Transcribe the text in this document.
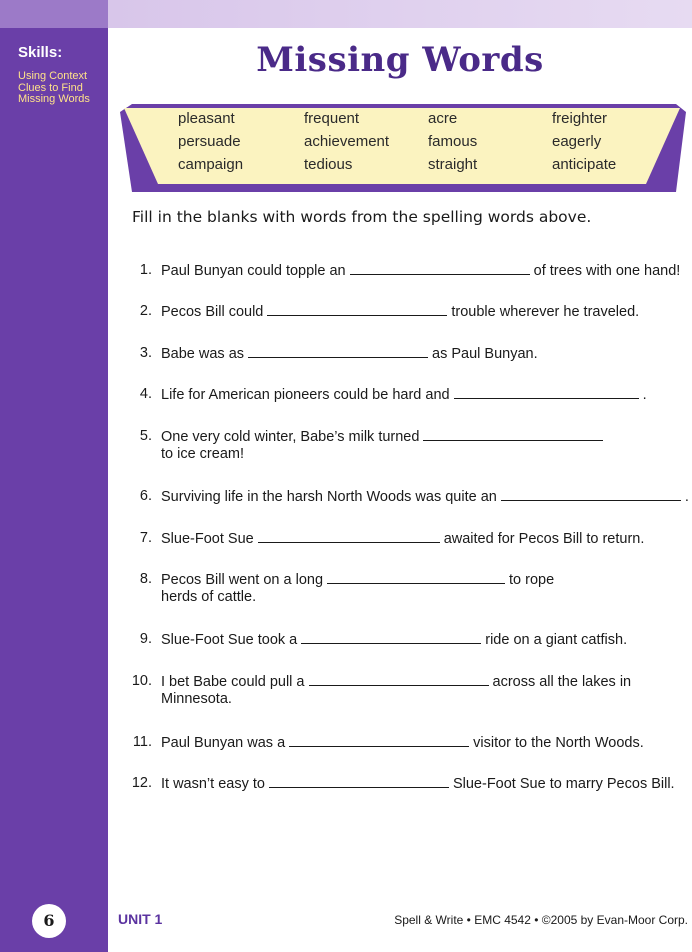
Skills:
Using Context Clues to Find Missing Words
Missing Words
pleasant	frequent	acre	freighter
persuade	achievement	famous	eagerly
campaign	tedious	straight	anticipate
Fill in the blanks with words from the spelling words above.
1. Paul Bunyan could topple an	of trees with one hand!
2. Pecos Bill could	trouble wherever he traveled.
3. Babe was as	as Paul Bunyan.
4. Life for American pioneers could be hard and	.
5. One very cold winter, Babe’s milk turned
to ice cream!
6. Surviving life in the harsh North Woods was quite an	.
7. Slue-Foot Sue	awaited for Pecos Bill to return.
8. Pecos Bill went on a long	to rope
herds of cattle.
9. Slue-Foot Sue took a	ride on a giant catfish.
10. I bet Babe could pull a	across all the lakes in
Minnesota.
11. Paul Bunyan was a	visitor to the North Woods.
12. It wasn’t easy to	Slue-Foot Sue to marry Pecos Bill.
6	UNIT 1	Spell & Write • EMC 4542 • ©2005 by Evan-Moor Corp.
